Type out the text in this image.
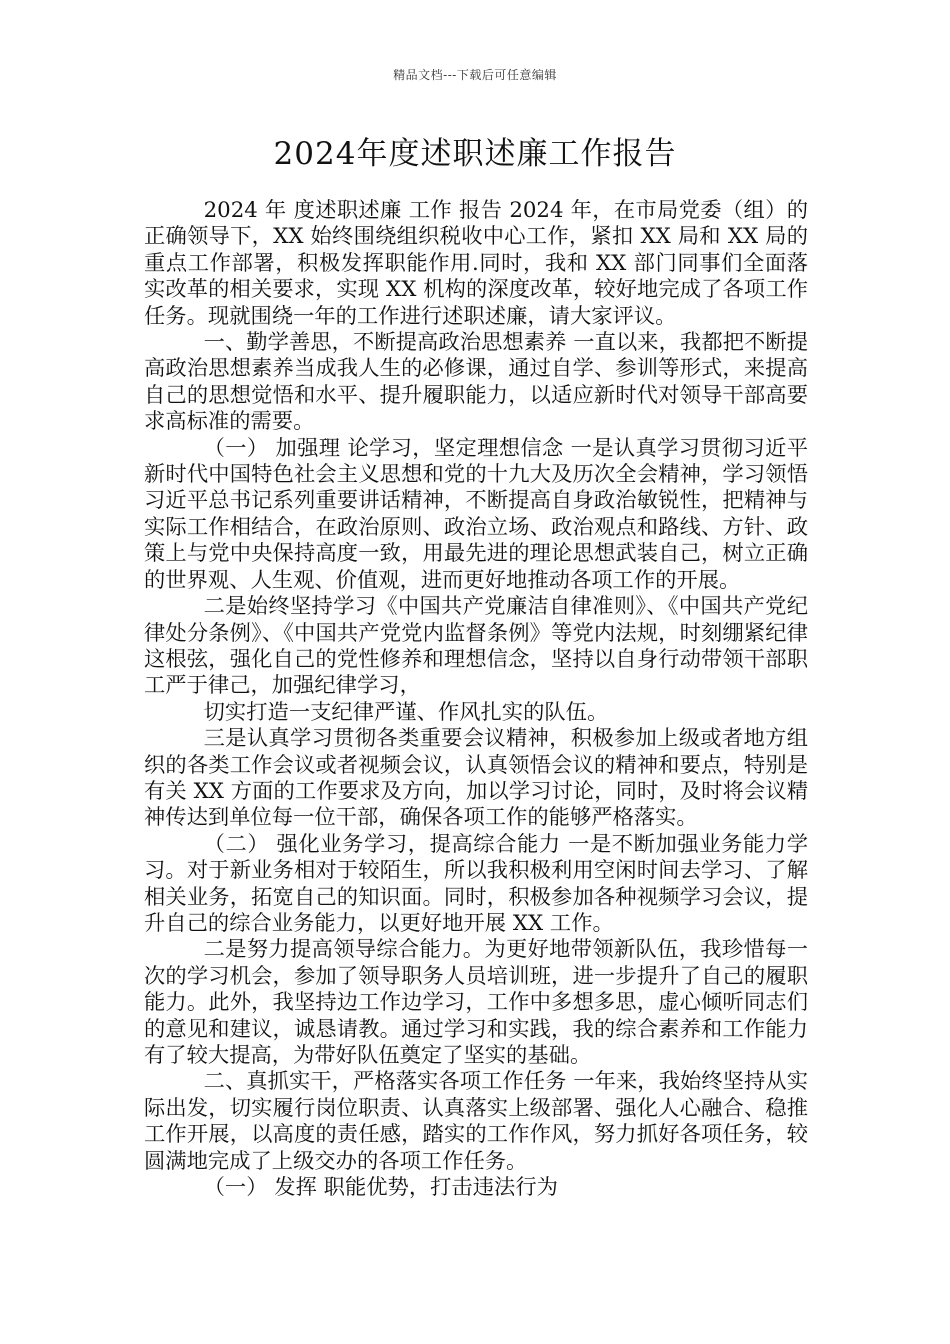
精品文档---下载后可任意编辑
2024年度述职述廉工作报告

2024 年 度述职述廉 工作 报告 2024 年，在市局党委（组）的正确领导下，XX 始终围绕组织税收中心工作，紧扣 XX 局和 XX 局的重点工作部署，积极发挥职能作用.同时，我和 XX 部门同事们全面落实改革的相关要求，实现 XX 机构的深度改革，较好地完成了各项工作任务。现就围绕一年的工作进行述职述廉，请大家评议。

一、勤学善思，不断提高政治思想素养 一直以来，我都把不断提高政治思想素养当成我人生的必修课，通过自学、参训等形式，来提高自己的思想觉悟和水平、提升履职能力，以适应新时代对领导干部高要求高标准的需要。

（一） 加强理 论学习，坚定理想信念 一是认真学习贯彻习近平新时代中国特色社会主义思想和党的十九大及历次全会精神，学习领悟习近平总书记系列重要讲话精神，不断提高自身政治敏锐性，把精神与实际工作相结合，在政治原则、政治立场、政治观点和路线、方针、政策上与党中央保持高度一致，用最先进的理论思想武装自己，树立正确的世界观、人生观、价值观，进而更好地推动各项工作的开展。

二是始终坚持学习《中国共产党廉洁自律准则》、《中国共产党纪律处分条例》、《中国共产党党内监督条例》等党内法规，时刻绷紧纪律这根弦，强化自己的党性修养和理想信念，坚持以自身行动带领干部职工严于律己，加强纪律学习，

切实打造一支纪律严谨、作风扎实的队伍。

三是认真学习贯彻各类重要会议精神，积极参加上级或者地方组织的各类工作会议或者视频会议，认真领悟会议的精神和要点，特别是有关 XX 方面的工作要求及方向，加以学习讨论，同时，及时将会议精神传达到单位每一位干部，确保各项工作的能够严格落实。

（二） 强化业务学习，提高综合能力 一是不断加强业务能力学习。对于新业务相对于较陌生，所以我积极利用空闲时间去学习、了解相关业务，拓宽自己的知识面。同时，积极参加各种视频学习会议，提升自己的综合业务能力，以更好地开展 XX 工作。

二是努力提高领导综合能力。为更好地带领新队伍，我珍惜每一次的学习机会，参加了领导职务人员培训班，进一步提升了自己的履职能力。此外，我坚持边工作边学习，工作中多想多思，虚心倾听同志们的意见和建议，诚恳请教。通过学习和实践，我的综合素养和工作能力有了较大提高，为带好队伍奠定了坚实的基础。

二、真抓实干，严格落实各项工作任务 一年来，我始终坚持从实际出发，切实履行岗位职责、认真落实上级部署、强化人心融合、稳推工作开展，以高度的责任感，踏实的工作作风，努力抓好各项任务，较圆满地完成了上级交办的各项工作任务。

（一） 发挥 职能优势，打击违法行为
